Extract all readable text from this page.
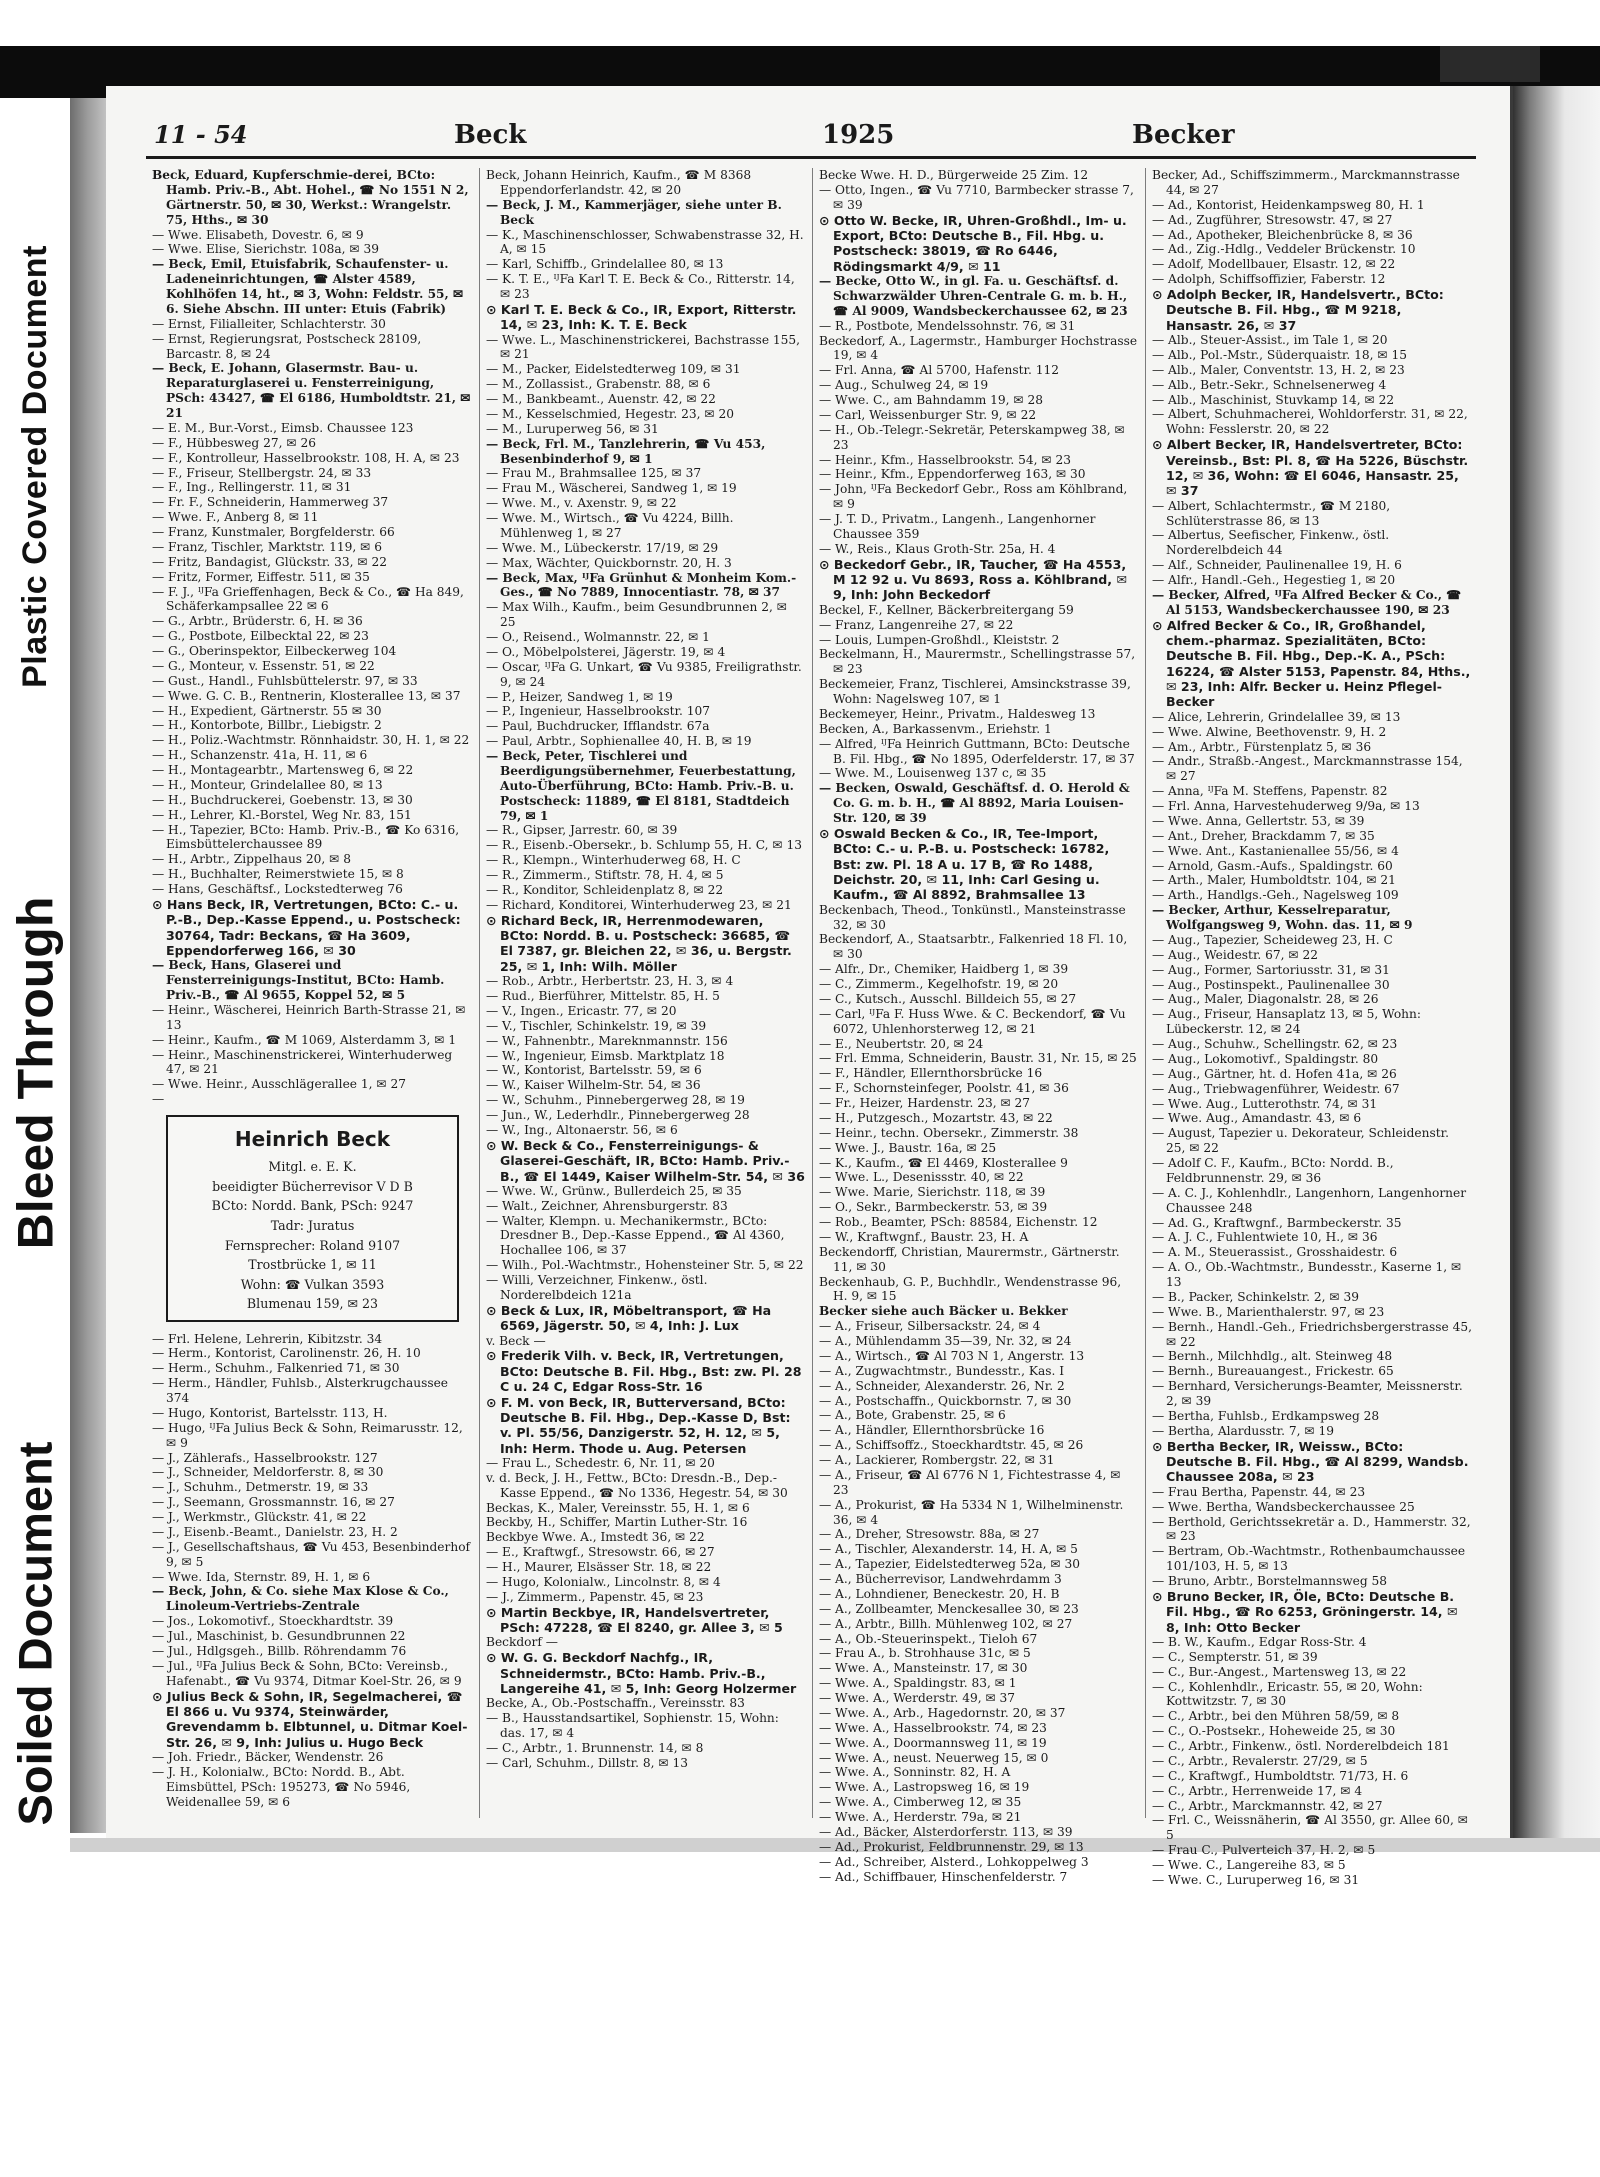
Plastic Covered Document
Bleed Through
Soiled Document
11 - 54	Beck	1925	Becker

Beck, Eduard, Kupferschmie-derei, BCto: Hamb. Priv.-B., Abt. Hohel., ☎ No 1551 N 2, Gärtnerstr. 50, ✉ 30, Werkst.: Wrangelstr. 75, Hths., ✉ 30

— Wwe. Elisabeth, Dovestr. 6, ✉ 9

— Wwe. Elise, Sierichstr. 108a, ✉ 39

— Beck, Emil, Etuisfabrik, Schaufenster- u. Ladeneinrichtungen, ☎ Alster 4589, Kohlhöfen 14, ht., ✉ 3, Wohn: Feldstr. 55, ✉ 6. Siehe Abschn. III unter: Etuis (Fabrik)

— Ernst, Filialleiter, Schlachterstr. 30

— Ernst, Regierungsrat, Postscheck 28109, Barcastr. 8, ✉ 24

— Beck, E. Johann, Glasermstr. Bau- u. Reparaturglaserei u. Fensterreinigung, PSch: 43427, ☎ El 6186, Humboldtstr. 21, ✉ 21

— E. M., Bur.-Vorst., Eimsb. Chaussee 123

— F., Hübbesweg 27, ✉ 26

— F., Kontrolleur, Hasselbrookstr. 108, H. A, ✉ 23

— F., Friseur, Stellbergstr. 24, ✉ 33

— F., Ing., Rellingerstr. 11, ✉ 31

— Fr. F., Schneiderin, Hammerweg 37

— Wwe. F., Anberg 8, ✉ 11

— Franz, Kunstmaler, Borgfelderstr. 66

— Franz, Tischler, Marktstr. 119, ✉ 6

— Fritz, Bandagist, Glückstr. 33, ✉ 22

— Fritz, Former, Eiffestr. 511, ✉ 35

— F. J., ᴵᴶFa Grieffenhagen, Beck & Co., ☎ Ha 849, Schäferkampsallee 22 ✉ 6

— G., Arbtr., Brüderstr. 6, H. ✉ 36

— G., Postbote, Eilbecktal 22, ✉ 23

— G., Oberinspektor, Eilbeckerweg 104

— G., Monteur, v. Essenstr. 51, ✉ 22

— Gust., Handl., Fuhlsbüttelerstr. 97, ✉ 33

— Wwe. G. C. B., Rentnerin, Klosterallee 13, ✉ 37

— H., Expedient, Gärtnerstr. 55 ✉ 30

— H., Kontorbote, Billbr., Liebigstr. 2

— H., Poliz.-Wachtmstr. Rönnhaidstr. 30, H. 1, ✉ 22

— H., Schanzenstr. 41a, H. 11, ✉ 6

— H., Montagearbtr., Martensweg 6, ✉ 22

— H., Monteur, Grindelallee 80, ✉ 13

— H., Buchdruckerei, Goebenstr. 13, ✉ 30

— H., Lehrer, Kl.-Borstel, Weg Nr. 83, 151

— H., Tapezier, BCto: Hamb. Priv.-B., ☎ Ko 6316, Eimsbüttelerchaussee 89

— H., Arbtr., Zippelhaus 20, ✉ 8

— H., Buchhalter, Reimerstwiete 15, ✉ 8

— Hans, Geschäftsf., Lockstedterweg 76

⊙ Hans Beck, IR, Vertretungen, BCto: C.- u. P.-B., Dep.-Kasse Eppend., u. Postscheck: 30764, Tadr: Beckans, ☎ Ha 3609, Eppendorferweg 166, ✉ 30

— Beck, Hans, Glaserei und Fensterreinigungs-Institut, BCto: Hamb. Priv.-B., ☎ Al 9655, Koppel 52, ✉ 5

— Heinr., Wäscherei, Heinrich Barth-Strasse 21, ✉ 13

— Heinr., Kaufm., ☎ M 1069, Alsterdamm 3, ✉ 1

— Heinr., Maschinenstrickerei, Winterhuderweg 47, ✉ 21

— Wwe. Heinr., Ausschlägerallee 1, ✉ 27

—

Heinrich Beck
Mitgl. e. E. K.
beeidigter Bücherrevisor V D B
BCto: Nordd. Bank, PSch: 9247
Tadr: Juratus
Fernsprecher: Roland 9107
Trostbrücke 1, ✉ 11
Wohn: ☎ Vulkan 3593
Blumenau 159, ✉ 23

— Frl. Helene, Lehrerin, Kibitzstr. 34

— Herm., Kontorist, Carolinenstr. 26, H. 10

— Herm., Schuhm., Falkenried 71, ✉ 30

— Herm., Händler, Fuhlsb., Alsterkrugchaussee 374

— Hugo, Kontorist, Bartelsstr. 113, H.

— Hugo, ᴵᴶFa Julius Beck & Sohn, Reimarusstr. 12, ✉ 9

— J., Zählerafs., Hasselbrookstr. 127

— J., Schneider, Meldorferstr. 8, ✉ 30

— J., Schuhm., Detmerstr. 19, ✉ 33

— J., Seemann, Grossmannstr. 16, ✉ 27

— J., Werkmstr., Glückstr. 41, ✉ 22

— J., Eisenb.-Beamt., Danielstr. 23, H. 2

— J., Gesellschaftshaus, ☎ Vu 453, Besenbinderhof 9, ✉ 5

— Wwe. Ida, Sternstr. 89, H. 1, ✉ 6

— Beck, John, & Co. siehe Max Klose & Co., Linoleum-Vertriebs-Zentrale

— Jos., Lokomotivf., Stoeckhardtstr. 39

— Jul., Maschinist, b. Gesundbrunnen 22

— Jul., Hdlgsgeh., Billb. Röhrendamm 76

— Jul., ᴵᴶFa Julius Beck & Sohn, BCto: Vereinsb., Hafenabt., ☎ Vu 9374, Ditmar Koel-Str. 26, ✉ 9

⊙ Julius Beck & Sohn, IR, Segelmacherei, ☎ El 866 u. Vu 9374, Steinwärder, Grevendamm b. Elbtunnel, u. Ditmar Koel-Str. 26, ✉ 9, Inh: Julius u. Hugo Beck

— Joh. Friedr., Bäcker, Wendenstr. 26

— J. H., Kolonialw., BCto: Nordd. B., Abt. Eimsbüttel, PSch: 195273, ☎ No 5946, Weidenallee 59, ✉ 6

Beck, Johann Heinrich, Kaufm., ☎ M 8368 Eppendorferlandstr. 42, ✉ 20

— Beck, J. M., Kammerjäger, siehe unter B. Beck

— K., Maschinenschlosser, Schwabenstrasse 32, H. A, ✉ 15

— Karl, Schiffb., Grindelallee 80, ✉ 13

— K. T. E., ᴵᴶFa Karl T. E. Beck & Co., Ritterstr. 14, ✉ 23

⊙ Karl T. E. Beck & Co., IR, Export, Ritterstr. 14, ✉ 23, Inh: K. T. E. Beck

— Wwe. L., Maschinenstrickerei, Bachstrasse 155, ✉ 21

— M., Packer, Eidelstedterweg 109, ✉ 31

— M., Zollassist., Grabenstr. 88, ✉ 6

— M., Bankbeamt., Auenstr. 42, ✉ 22

— M., Kesselschmied, Hegestr. 23, ✉ 20

— M., Luruperweg 56, ✉ 31

— Beck, Frl. M., Tanzlehrerin, ☎ Vu 453, Besenbinderhof 9, ✉ 1

— Frau M., Brahmsallee 125, ✉ 37

— Frau M., Wäscherei, Sandweg 1, ✉ 19

— Wwe. M., v. Axenstr. 9, ✉ 22

— Wwe. M., Wirtsch., ☎ Vu 4224, Billh. Mühlenweg 1, ✉ 27

— Wwe. M., Lübeckerstr. 17/19, ✉ 29

— Max, Wächter, Quickbornstr. 20, H. 3

— Beck, Max, ᴵᴶFa Grünhut & Monheim Kom.-Ges., ☎ No 7889, Innocentiastr. 78, ✉ 37

— Max Wilh., Kaufm., beim Gesundbrunnen 2, ✉ 25

— O., Reisend., Wolmannstr. 22, ✉ 1

— O., Möbelpolsterei, Jägerstr. 19, ✉ 4

— Oscar, ᴵᴶFa G. Unkart, ☎ Vu 9385, Freiligrathstr. 9, ✉ 24

— P., Heizer, Sandweg 1, ✉ 19

— P., Ingenieur, Hasselbrookstr. 107

— Paul, Buchdrucker, Ifflandstr. 67a

— Paul, Arbtr., Sophienallee 40, H. B, ✉ 19

— Beck, Peter, Tischlerei und Beerdigungsübernehmer, Feuerbestattung, Auto-Überführung, BCto: Hamb. Priv.-B. u. Postscheck: 11889, ☎ El 8181, Stadtdeich 79, ✉ 1

— R., Gipser, Jarrestr. 60, ✉ 39

— R., Eisenb.-Obersekr., b. Schlump 55, H. C, ✉ 13

— R., Klempn., Winterhuderweg 68, H. C

— R., Zimmerm., Stiftstr. 78, H. 4, ✉ 5

— R., Konditor, Schleidenplatz 8, ✉ 22

— Richard, Konditorei, Winterhuderweg 23, ✉ 21

⊙ Richard Beck, IR, Herrenmodewaren, BCto: Nordd. B. u. Postscheck: 36685, ☎ El 7387, gr. Bleichen 22, ✉ 36, u. Bergstr. 25, ✉ 1, Inh: Wilh. Möller

— Rob., Arbtr., Herbertstr. 23, H. 3, ✉ 4

— Rud., Bierführer, Mittelstr. 85, H. 5

— V., Ingen., Ericastr. 77, ✉ 20

— V., Tischler, Schinkelstr. 19, ✉ 39

— W., Fahnenbtr., Mareknmannstr. 156

— W., Ingenieur, Eimsb. Marktplatz 18

— W., Kontorist, Bartelsstr. 59, ✉ 6

— W., Kaiser Wilhelm-Str. 54, ✉ 36

— W., Schuhm., Pinnebergerweg 28, ✉ 19

— Jun., W., Lederhdlr., Pinnebergerweg 28

— W., Ing., Altonaerstr. 56, ✉ 6

⊙ W. Beck & Co., Fensterreinigungs- & Glaserei-Geschäft, IR, BCto: Hamb. Priv.-B., ☎ El 1449, Kaiser Wilhelm-Str. 54, ✉ 36

— Wwe. W., Grünw., Bullerdeich 25, ✉ 35

— Walt., Zeichner, Ahrensburgerstr. 83

— Walter, Klempn. u. Mechanikermstr., BCto: Dresdner B., Dep.-Kasse Eppend., ☎ Al 4360, Hochallee 106, ✉ 37

— Wilh., Pol.-Wachtmstr., Hohensteiner Str. 5, ✉ 22

— Willi, Verzeichner, Finkenw., östl. Norderelbdeich 121a

⊙ Beck & Lux, IR, Möbeltransport, ☎ Ha 6569, Jägerstr. 50, ✉ 4, Inh: J. Lux

v. Beck —

⊙ Frederik Vilh. v. Beck, IR, Vertretungen, BCto: Deutsche B. Fil. Hbg., Bst: zw. Pl. 28 C u. 24 C, Edgar Ross-Str. 16

⊙ F. M. von Beck, IR, Butterversand, BCto: Deutsche B. Fil. Hbg., Dep.-Kasse D, Bst: v. Pl. 55/56, Danzigerstr. 52, H. 12, ✉ 5, Inh: Herm. Thode u. Aug. Petersen

— Frau L., Schedestr. 6, Nr. 11, ✉ 20

v. d. Beck, J. H., Fettw., BCto: Dresdn.-B., Dep.-Kasse Eppend., ☎ No 1336, Hegestr. 54, ✉ 30

Beckas, K., Maler, Vereinsstr. 55, H. 1, ✉ 6

Beckby, H., Schiffer, Martin Luther-Str. 16

Beckbye Wwe. A., Imstedt 36, ✉ 22

— E., Kraftwgf., Stresowstr. 66, ✉ 27

— H., Maurer, Elsässer Str. 18, ✉ 22

— Hugo, Kolonialw., Lincolnstr. 8, ✉ 4

— J., Zimmerm., Papenstr. 45, ✉ 23

⊙ Martin Beckbye, IR, Handelsvertreter, PSch: 47228, ☎ El 8240, gr. Allee 3, ✉ 5

Beckdorf —

⊙ W. G. G. Beckdorf Nachfg., IR, Schneidermstr., BCto: Hamb. Priv.-B., Langereihe 41, ✉ 5, Inh: Georg Holzermer

Becke, A., Ob.-Postschaffn., Vereinsstr. 83

— B., Hausstandsartikel, Sophienstr. 15, Wohn: das. 17, ✉ 4

— C., Arbtr., 1. Brunnenstr. 14, ✉ 8

— Carl, Schuhm., Dillstr. 8, ✉ 13

Becke Wwe. H. D., Bürgerweide 25 Zim. 12

— Otto, Ingen., ☎ Vu 7710, Barmbecker strasse 7, ✉ 39

⊙ Otto W. Becke, IR, Uhren-Großhdl., Im- u. Export, BCto: Deutsche B., Fil. Hbg. u. Postscheck: 38019, ☎ Ro 6446, Rödingsmarkt 4/9, ✉ 11

— Becke, Otto W., in gl. Fa. u. Geschäftsf. d. Schwarzwälder Uhren-Centrale G. m. b. H., ☎ Al 9009, Wandsbeckerchaussee 62, ✉ 23

— R., Postbote, Mendelssohnstr. 76, ✉ 31

Beckedorf, A., Lagermstr., Hamburger Hochstrasse 19, ✉ 4

— Frl. Anna, ☎ Al 5700, Hafenstr. 112

— Aug., Schulweg 24, ✉ 19

— Wwe. C., am Bahndamm 19, ✉ 28

— Carl, Weissenburger Str. 9, ✉ 22

— H., Ob.-Telegr.-Sekretär, Peterskampweg 38, ✉ 23

— Heinr., Kfm., Hasselbrookstr. 54, ✉ 23

— Heinr., Kfm., Eppendorferweg 163, ✉ 30

— John, ᴵᴶFa Beckedorf Gebr., Ross am Köhlbrand, ✉ 9

— J. T. D., Privatm., Langenh., Langenhorner Chaussee 359

— W., Reis., Klaus Groth-Str. 25a, H. 4

⊙ Beckedorf Gebr., IR, Taucher, ☎ Ha 4553, M 12 92 u. Vu 8693, Ross a. Köhlbrand, ✉ 9, Inh: John Beckedorf

Beckel, F., Kellner, Bäckerbreitergang 59

— Franz, Langenreihe 27, ✉ 22

— Louis, Lumpen-Großhdl., Kleiststr. 2

Beckelmann, H., Maurermstr., Schellingstrasse 57, ✉ 23

Beckemeier, Franz, Tischlerei, Amsinckstrasse 39, Wohn: Nagelsweg 107, ✉ 1

Beckemeyer, Heinr., Privatm., Haldesweg 13

Becken, A., Barkassenvm., Eriehstr. 1

— Alfred, ᴵᴶFa Heinrich Guttmann, BCto: Deutsche B. Fil. Hbg., ☎ No 1895, Oderfelderstr. 17, ✉ 37

— Wwe. M., Louisenweg 137 c, ✉ 35

— Becken, Oswald, Geschäftsf. d. O. Herold & Co. G. m. b. H., ☎ Al 8892, Maria Louisen-Str. 120, ✉ 39

⊙ Oswald Becken & Co., IR, Tee-Import, BCto: C.- u. P.-B. u. Postscheck: 16782, Bst: zw. Pl. 18 A u. 17 B, ☎ Ro 1488, Deichstr. 20, ✉ 11, Inh: Carl Gesing u. Kaufm., ☎ Al 8892, Brahmsallee 13

Beckenbach, Theod., Tonkünstl., Mansteinstrasse 32, ✉ 30

Beckendorf, A., Staatsarbtr., Falkenried 18 Fl. 10, ✉ 30

— Alfr., Dr., Chemiker, Haidberg 1, ✉ 39

— C., Zimmerm., Kegelhofstr. 19, ✉ 20

— C., Kutsch., Ausschl. Billdeich 55, ✉ 27

— Carl, ᴵᴶFa F. Huss Wwe. & C. Beckendorf, ☎ Vu 6072, Uhlenhorsterweg 12, ✉ 21

— E., Neubertstr. 20, ✉ 24

— Frl. Emma, Schneiderin, Baustr. 31, Nr. 15, ✉ 25

— F., Händler, Ellernthorsbrücke 16

— F., Schornsteinfeger, Poolstr. 41, ✉ 36

— Fr., Heizer, Hardenstr. 23, ✉ 27

— H., Putzgesch., Mozartstr. 43, ✉ 22

— Heinr., techn. Obersekr., Zimmerstr. 38

— Wwe. J., Baustr. 16a, ✉ 25

— K., Kaufm., ☎ El 4469, Klosterallee 9

— Wwe. L., Desenissstr. 40, ✉ 22

— Wwe. Marie, Sierichstr. 118, ✉ 39

— O., Sekr., Barmbeckerstr. 53, ✉ 39

— Rob., Beamter, PSch: 88584, Eichenstr. 12

— W., Kraftwgnf., Baustr. 23, H. A

Beckendorff, Christian, Maurermstr., Gärtnerstr. 11, ✉ 30

Beckenhaub, G. P., Buchhdlr., Wendenstrasse 96, H. 9, ✉ 15

Becker siehe auch Bäcker u. Bekker

— A., Friseur, Silbersackstr. 24, ✉ 4

— A., Mühlendamm 35—39, Nr. 32, ✉ 24

— A., Wirtsch., ☎ Al 703 N 1, Angerstr. 13

— A., Zugwachtmstr., Bundesstr., Kas. I

— A., Schneider, Alexanderstr. 26, Nr. 2

— A., Postschaffn., Quickbornstr. 7, ✉ 30

— A., Bote, Grabenstr. 25, ✉ 6

— A., Händler, Ellernthorsbrücke 16

— A., Schiffsoffz., Stoeckhardtstr. 45, ✉ 26

— A., Lackierer, Rombergstr. 22, ✉ 31

— A., Friseur, ☎ Al 6776 N 1, Fichtestrasse 4, ✉ 23

— A., Prokurist, ☎ Ha 5334 N 1, Wilhelminenstr. 36, ✉ 4

— A., Dreher, Stresowstr. 88a, ✉ 27

— A., Tischler, Alexanderstr. 14, H. A, ✉ 5

— A., Tapezier, Eidelstedterweg 52a, ✉ 30

— A., Bücherrevisor, Landwehrdamm 3

— A., Lohndiener, Beneckestr. 20, H. B

— A., Zollbeamter, Menckesallee 30, ✉ 23

— A., Arbtr., Billh. Mühlenweg 102, ✉ 27

— A., Ob.-Steuerinspekt., Tieloh 67

— Frau A., b. Strohhause 31c, ✉ 5

— Wwe. A., Mansteinstr. 17, ✉ 30

— Wwe. A., Spaldingstr. 83, ✉ 1

— Wwe. A., Werderstr. 49, ✉ 37

— Wwe. A., Arb., Hagedornstr. 20, ✉ 37

— Wwe. A., Hasselbrookstr. 74, ✉ 23

— Wwe. A., Doormannsweg 11, ✉ 19

— Wwe. A., neust. Neuerweg 15, ✉ 0

— Wwe. A., Sonninstr. 82, H. A

— Wwe. A., Lastropsweg 16, ✉ 19

— Wwe. A., Cimberweg 12, ✉ 35

— Wwe. A., Herderstr. 79a, ✉ 21

— Ad., Bäcker, Alsterdorferstr. 113, ✉ 39

— Ad., Prokurist, Feldbrunnenstr. 29, ✉ 13

— Ad., Schreiber, Alsterd., Lohkoppelweg 3

— Ad., Schiffbauer, Hinschenfelderstr. 7

Becker, Ad., Schiffszimmerm., Marckmannstrasse 44, ✉ 27

— Ad., Kontorist, Heidenkampsweg 80, H. 1

— Ad., Zugführer, Stresowstr. 47, ✉ 27

— Ad., Apotheker, Bleichenbrücke 8, ✉ 36

— Ad., Zig.-Hdlg., Veddeler Brückenstr. 10

— Adolf, Modellbauer, Elsastr. 12, ✉ 22

— Adolph, Schiffsoffizier, Faberstr. 12

⊙ Adolph Becker, IR, Handelsvertr., BCto: Deutsche B. Fil. Hbg., ☎ M 9218, Hansastr. 26, ✉ 37

— Alb., Steuer-Assist., im Tale 1, ✉ 20

— Alb., Pol.-Mstr., Süderquaistr. 18, ✉ 15

— Alb., Maler, Conventstr. 13, H. 2, ✉ 23

— Alb., Betr.-Sekr., Schnelsenerweg 4

— Alb., Maschinist, Stuvkamp 14, ✉ 22

— Albert, Schuhmacherei, Wohldorferstr. 31, ✉ 22, Wohn: Fesslerstr. 20, ✉ 22

⊙ Albert Becker, IR, Handelsvertreter, BCto: Vereinsb., Bst: Pl. 8, ☎ Ha 5226, Büschstr. 12, ✉ 36, Wohn: ☎ El 6046, Hansastr. 25, ✉ 37

— Albert, Schlachtermstr., ☎ M 2180, Schlüterstrasse 86, ✉ 13

— Albertus, Seefischer, Finkenw., östl. Norderelbdeich 44

— Alf., Schneider, Paulinenallee 19, H. 6

— Alfr., Handl.-Geh., Hegestieg 1, ✉ 20

— Becker, Alfred, ᴵᴶFa Alfred Becker & Co., ☎ Al 5153, Wandsbeckerchaussee 190, ✉ 23

⊙ Alfred Becker & Co., IR, Großhandel, chem.-pharmaz. Spezialitäten, BCto: Deutsche B. Fil. Hbg., Dep.-K. A., PSch: 16224, ☎ Alster 5153, Papenstr. 84, Hths., ✉ 23, Inh: Alfr. Becker u. Heinz Pflegel-Becker

— Alice, Lehrerin, Grindelallee 39, ✉ 13

— Wwe. Alwine, Beethovenstr. 9, H. 2

— Am., Arbtr., Fürstenplatz 5, ✉ 36

— Andr., Straßb.-Angest., Marckmannstrasse 154, ✉ 27

— Anna, ᴵᴶFa M. Steffens, Papenstr. 82

— Frl. Anna, Harvestehuderweg 9/9a, ✉ 13

— Wwe. Anna, Gellertstr. 53, ✉ 39

— Ant., Dreher, Brackdamm 7, ✉ 35

— Wwe. Ant., Kastanienallee 55/56, ✉ 4

— Arnold, Gasm.-Aufs., Spaldingstr. 60

— Arth., Maler, Humboldtstr. 104, ✉ 21

— Arth., Handlgs.-Geh., Nagelsweg 109

— Becker, Arthur, Kesselreparatur, Wolfgangsweg 9, Wohn. das. 11, ✉ 9

— Aug., Tapezier, Scheideweg 23, H. C

— Aug., Weidestr. 67, ✉ 22

— Aug., Former, Sartoriusstr. 31, ✉ 31

— Aug., Postinspekt., Paulinenallee 30

— Aug., Maler, Diagonalstr. 28, ✉ 26

— Aug., Friseur, Hansaplatz 13, ✉ 5, Wohn: Lübeckerstr. 12, ✉ 24

— Aug., Schuhw., Schellingstr. 62, ✉ 23

— Aug., Lokomotivf., Spaldingstr. 80

— Aug., Gärtner, ht. d. Hofen 41a, ✉ 26

— Aug., Triebwagenführer, Weidestr. 67

— Wwe. Aug., Lutterothstr. 74, ✉ 31

— Wwe. Aug., Amandastr. 43, ✉ 6

— August, Tapezier u. Dekorateur, Schleidenstr. 25, ✉ 22

— Adolf C. F., Kaufm., BCto: Nordd. B., Feldbrunnenstr. 29, ✉ 36

— A. C. J., Kohlenhdlr., Langenhorn, Langenhorner Chaussee 248

— Ad. G., Kraftwgnf., Barmbeckerstr. 35

— A. J. C., Fuhlentwiete 10, H., ✉ 36

— A. M., Steuerassist., Grosshaidestr. 6

— A. O., Ob.-Wachtmstr., Bundesstr., Kaserne 1, ✉ 13

— B., Packer, Schinkelstr. 2, ✉ 39

— Wwe. B., Marienthalerstr. 97, ✉ 23

— Bernh., Handl.-Geh., Friedrichsbergerstrasse 45, ✉ 22

— Bernh., Milchhdlg., alt. Steinweg 48

— Bernh., Bureauangest., Frickestr. 65

— Bernhard, Versicherungs-Beamter, Meissnerstr. 2, ✉ 39

— Bertha, Fuhlsb., Erdkampsweg 28

— Bertha, Alardusstr. 7, ✉ 19

⊙ Bertha Becker, IR, Weissw., BCto: Deutsche B. Fil. Hbg., ☎ Al 8299, Wandsb. Chaussee 208a, ✉ 23

— Frau Bertha, Papenstr. 44, ✉ 23

— Wwe. Bertha, Wandsbeckerchaussee 25

— Berthold, Gerichtssekretär a. D., Hammerstr. 32, ✉ 23

— Bertram, Ob.-Wachtmstr., Rothenbaumchaussee 101/103, H. 5, ✉ 13

— Bruno, Arbtr., Borstelmannsweg 58

⊙ Bruno Becker, IR, Öle, BCto: Deutsche B. Fil. Hbg., ☎ Ro 6253, Gröningerstr. 14, ✉ 8, Inh: Otto Becker

— B. W., Kaufm., Edgar Ross-Str. 4

— C., Sempterstr. 51, ✉ 39

— C., Bur.-Angest., Martensweg 13, ✉ 22

— C., Kohlenhdlr., Ericastr. 55, ✉ 20, Wohn: Kottwitzstr. 7, ✉ 30

— C., Arbtr., bei den Mühren 58/59, ✉ 8

— C., O.-Postsekr., Hoheweide 25, ✉ 30

— C., Arbtr., Finkenw., östl. Norderelbdeich 181

— C., Arbtr., Revalerstr. 27/29, ✉ 5

— C., Kraftwgf., Humboldtstr. 71/73, H. 6

— C., Arbtr., Herrenweide 17, ✉ 4

— C., Arbtr., Marckmannstr. 42, ✉ 27

— Frl. C., Weissnäherin, ☎ Al 3550, gr. Allee 60, ✉ 5

— Frau C., Pulverteich 37, H. 2, ✉ 5

— Wwe. C., Langereihe 83, ✉ 5

— Wwe. C., Luruperweg 16, ✉ 31
